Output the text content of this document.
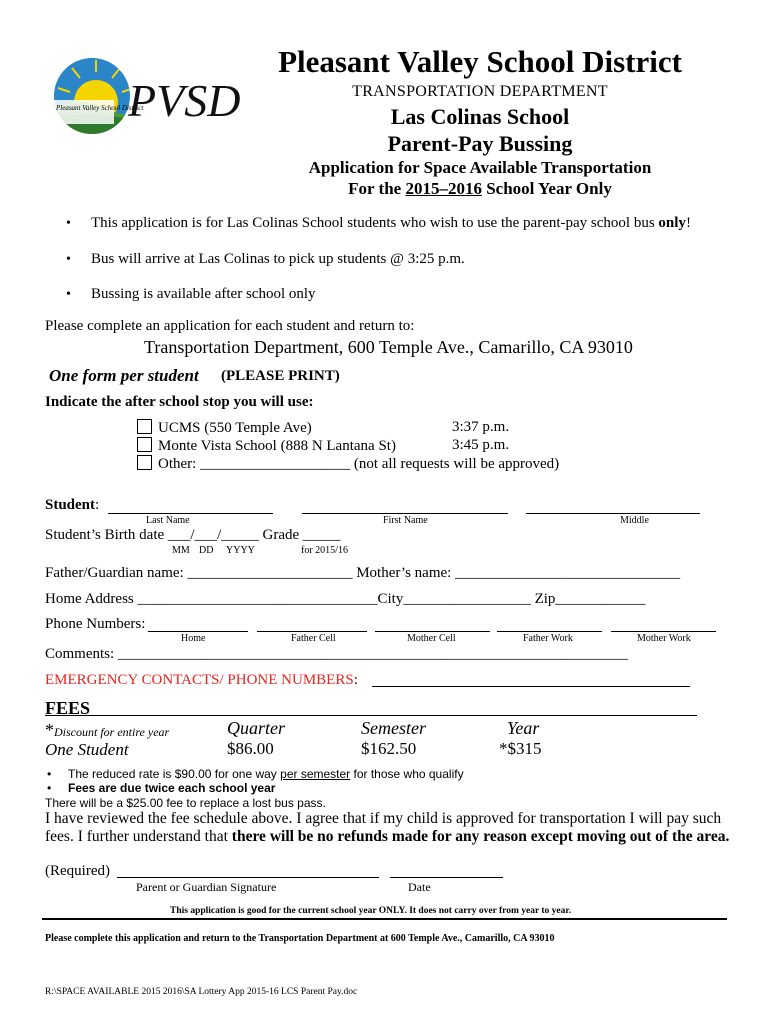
Pleasant Valley School District
PVSD
Pleasant Valley School District
TRANSPORTATION DEPARTMENT
Las Colinas School
Parent-Pay Bussing
Application for Space Available Transportation
For the 2015–2016 School Year Only
• This application is for Las Colinas School students who wish to use the parent-pay school bus only!
• Bus will arrive at Las Colinas to pick up students @ 3:25 p.m.
• Bussing is available after school only
Please complete an application for each student and return to:
Transportation Department, 600 Temple Ave., Camarillo, CA 93010
One form per student (PLEASE PRINT)
Indicate the after school stop you will use:
UCMS (550 Temple Ave)	3:37 p.m.
Monte Vista School (888 N Lantana St)	3:45 p.m.
Other: ____________________ (not all requests will be approved)
Student:
Last Name	First Name	Middle
Student’s Birth date ___/___/_____ Grade _____
MM DD YYYY	for 2015/16
Father/Guardian name: ______________________ Mother’s name: ______________________________
Home Address ________________________________City_________________ Zip____________
Phone Numbers:
Home	Father Cell	Mother Cell	Father Work	Mother Work
Comments: ____________________________________________________________________
EMERGENCY CONTACTS/ PHONE NUMBERS:
FEES
*Discount for entire year	Quarter	Semester	Year
One Student	$86.00	$162.50	*$315
• The reduced rate is $90.00 for one way per semester for those who qualify
• Fees are due twice each school year
There will be a $25.00 fee to replace a lost bus pass.
I have reviewed the fee schedule above. I agree that if my child is approved for transportation I will pay such
fees. I further understand that there will be no refunds made for any reason except moving out of the area.
(Required)
Parent or Guardian Signature	Date
This application is good for the current school year ONLY. It does not carry over from year to year.
Please complete this application and return to the Transportation Department at 600 Temple Ave., Camarillo, CA 93010
R:\SPACE AVAILABLE 2015 2016\SA Lottery App 2015-16 LCS Parent Pay.doc
